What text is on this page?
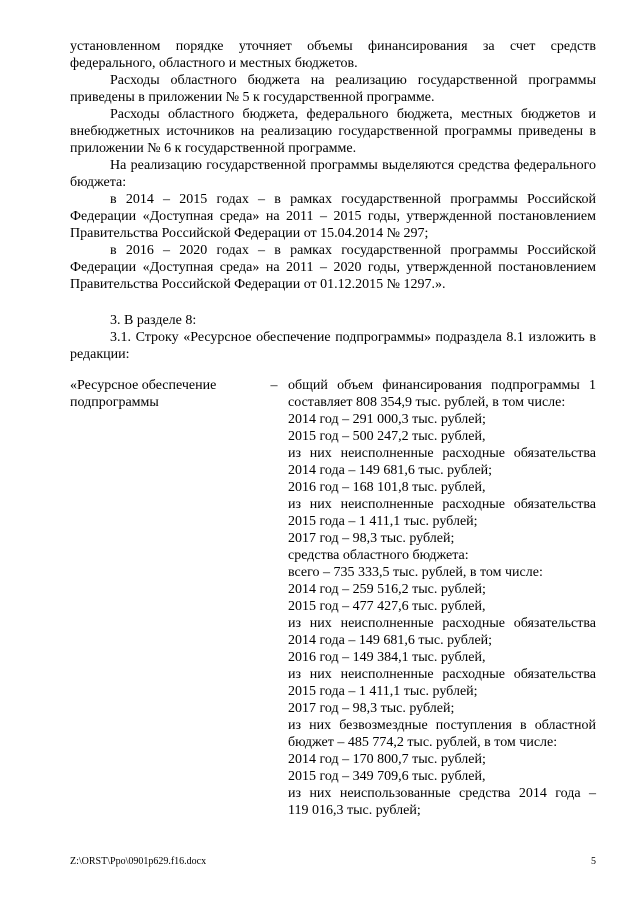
установленном порядке уточняет объемы финансирования за счет средств федерального, областного и местных бюджетов.

Расходы областного бюджета на реализацию государственной программы приведены в приложении № 5 к государственной программе.

Расходы областного бюджета, федерального бюджета, местных бюджетов и внебюджетных источников на реализацию государственной программы приведены в приложении № 6 к государственной программе.

На реализацию государственной программы выделяются средства федерального бюджета:

в 2014 – 2015 годах – в рамках государственной программы Российской Федерации «Доступная среда» на 2011 – 2015 годы, утвержденной постановлением Правительства Российской Федерации от 15.04.2014 № 297;

в 2016 – 2020 годах – в рамках государственной программы Российской Федерации «Доступная среда» на 2011 – 2020 годы, утвержденной постановлением Правительства Российской Федерации от 01.12.2015 № 1297.».

3. В разделе 8:

3.1. Строку «Ресурсное обеспечение подпрограммы» подраздела 8.1 изложить в редакции:

«Ресурсное обеспечение подпрограммы
– общий объем финансирования подпрограммы 1
составляет 808 354,9 тыс. рублей, в том числе:
2014 год – 291 000,3 тыс. рублей;
2015 год – 500 247,2 тыс. рублей,
из них неисполненные расходные обязательства
2014 года – 149 681,6 тыс. рублей;
2016 год – 168 101,8 тыс. рублей,
из них неисполненные расходные обязательства
2015 года – 1 411,1 тыс. рублей;
2017 год – 98,3 тыс. рублей;
средства областного бюджета:
всего – 735 333,5 тыс. рублей, в том числе:
2014 год – 259 516,2 тыс. рублей;
2015 год – 477 427,6 тыс. рублей,
из них неисполненные расходные обязательства
2014 года – 149 681,6 тыс. рублей;
2016 год – 149 384,1 тыс. рублей,
из них неисполненные расходные обязательства
2015 года – 1 411,1 тыс. рублей;
2017 год – 98,3 тыс. рублей;
из них безвозмездные поступления в областной
бюджет – 485 774,2 тыс. рублей, в том числе:
2014 год – 170 800,7 тыс. рублей;
2015 год – 349 709,6 тыс. рублей,
из них неиспользованные средства 2014 года –
119 016,3 тыс. рублей;
Z:\ORST\Ppo\0901p629.f16.docx	5
